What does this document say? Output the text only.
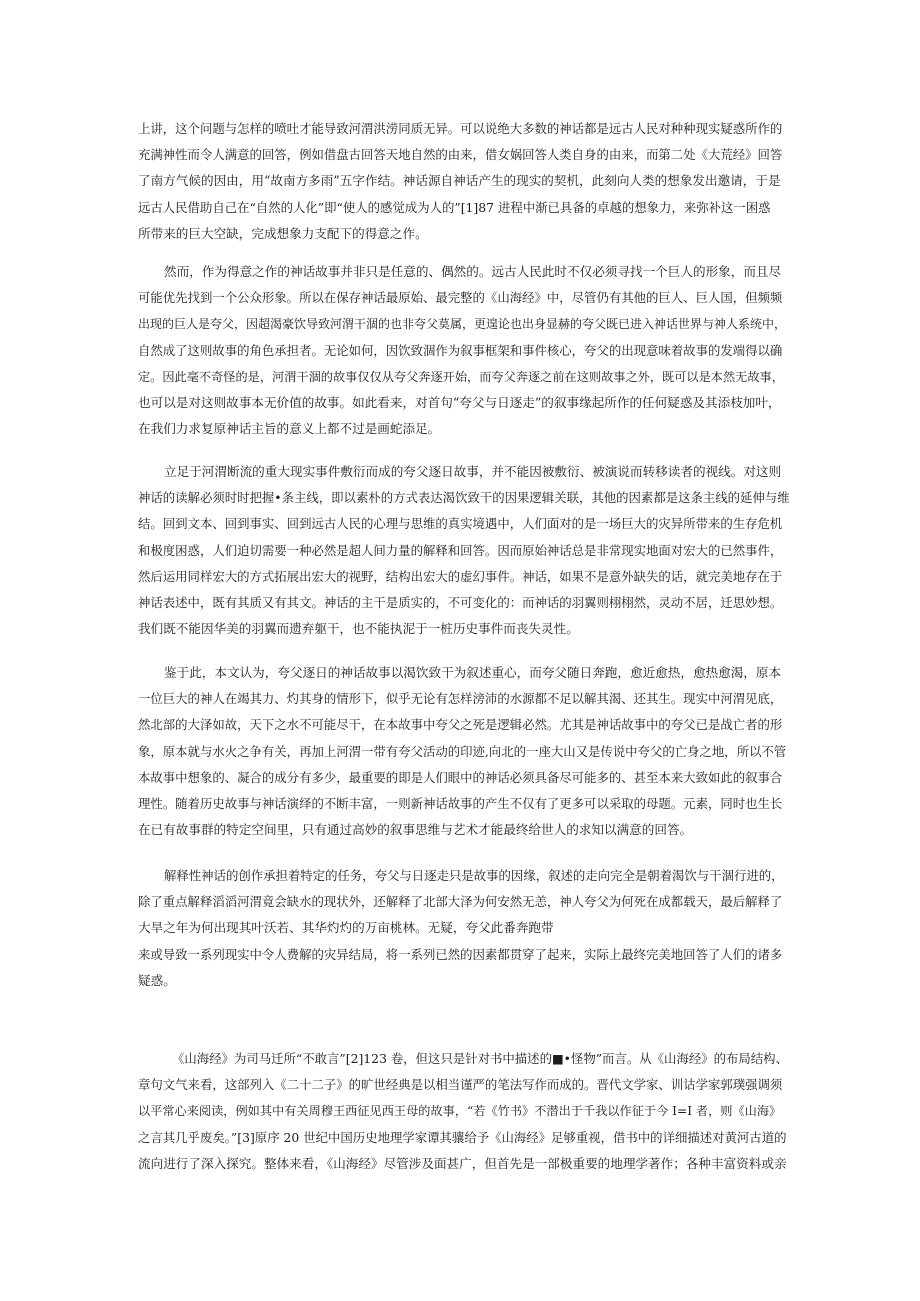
上讲，这个问题与怎样的喷吐才能导致河渭洪涝同质无异。可以说绝大多数的神话都是远古人民对种种现实疑惑所作的
充满神性而令人满意的回答，例如借盘古回答天地自然的由来，借女娲回答人类自身的由来，而第二处《大荒经》回答
了南方气候的因由，用“故南方多雨”五字作结。神话源自神话产生的现实的契机，此刻向人类的想象发出邀请，于是
远古人民借助自己在“自然的人化”即“使人的感觉成为人的”[1]87 进程中渐已具备的卓越的想象力，来弥补这一困惑
所带来的巨大空缺，完成想象力支配下的得意之作。
然而，作为得意之作的神话故事并非只是任意的、偶然的。远古人民此时不仅必须寻找一个巨人的形象，而且尽
可能优先找到一个公众形象。所以在保存神话最原始、最完整的《山海经》中，尽管仍有其他的巨人、巨人国，但频频
出现的巨人是夸父，因超渴豪饮导致河渭干涸的也非夸父莫属，更遑论也出身显赫的夸父既已进入神话世界与神人系统中，
自然成了这则故事的角色承担者。无论如何，因饮致涸作为叙事框架和事件核心，夸父的出现意味着故事的发端得以确
定。因此毫不奇怪的是，河渭干涸的故事仅仅从夸父奔逐开始，而夸父奔逐之前在这则故事之外，既可以是本然无故事，
也可以是对这则故事本无价值的故事。如此看来，对首句“夸父与日逐走”的叙事缘起所作的任何疑惑及其添枝加叶，
在我们力求复原神话主旨的意义上都不过是画蛇添足。
立足于河渭断流的重大现实事件敷衍而成的夸父逐日故事，并不能因被敷衍、被演说而转移读者的视线。对这则
神话的读解必须时时把握•条主线，即以素朴的方式表达渴饮致干的因果逻辑关联，其他的因素都是这条主线的延伸与维
结。回到文本、回到事实、回到远古人民的心理与思维的真实境遇中，人们面对的是一场巨大的灾异所带来的生存危机
和极度困惑，人们迫切需要一种必然是超人间力量的解释和回答。因而原始神话总是非常现实地面对宏大的已然事件，
然后运用同样宏大的方式拓展出宏大的视野，结构出宏大的虚幻事件。神话，如果不是意外缺失的话，就完美地存在于
神话表述中，既有其质又有其文。神话的主干是质实的，不可变化的：而神话的羽翼则栩栩然，灵动不居，迁思妙想。
我们既不能因华美的羽翼而遗弃躯干，也不能执泥于一桩历史事件而丧失灵性。
鉴于此，本文认为，夸父逐日的神话故事以渴饮致干为叙述重心，而夸父随日奔跑，愈近愈热，愈热愈渴，原本
一位巨大的神人在竭其力、灼其身的情形下，似乎无论有怎样滂沛的水源都不足以解其渴、还其生。现实中河渭见底，
然北部的大泽如故，天下之水不可能尽干，在本故事中夸父之死是逻辑必然。尤其是神话故事中的夸父已是战亡者的形
象，原本就与水火之争有关，再加上河渭一带有夸父活动的印迹,向北的一座大山又是传说中夸父的亡身之地，所以不管
本故事中想象的、凝合的成分有多少，最重要的即是人们眼中的神话必须具备尽可能多的、甚至本来大致如此的叙事合
理性。随着历史故事与神话演绎的不断丰富，一则新神话故事的产生不仅有了更多可以采取的母题。元素，同时也生长
在已有故事群的特定空间里，只有通过高妙的叙事思维与艺术才能最终给世人的求知以满意的回答。
解释性神话的创作承担着特定的任务，夸父与日逐走只是故事的因缘，叙述的走向完全是朝着渴饮与干涸行进的，
除了重点解释滔滔河渭竟会缺水的现状外，还解释了北部大泽为何安然无恙，神人夸父为何死在成都载天，最后解释了
大旱之年为何出现其叶沃若、其华灼灼的万亩桃林。无疑，夸父此番奔跑带
来或导致一系列现实中令人费解的灾异结局，将一系列已然的因素都贯穿了起来，实际上最终完美地回答了人们的诸多
疑惑。
《山海经》为司马迁所“不敢言”[2]123 卷，但这只是针对书中描述的■•怪物”而言。从《山海经》的布局结构、
章句文气来看，这部列入《二十二子》的旷世经典是以相当谨严的笔法写作而成的。晋代文学家、训诂学家郭璞强调须
以平常心来阅读，例如其中有关周穆王西征见西王母的故事，“若《竹书》不潜出于千我以作征于今 I=I 者，则《山海》
之言其几乎废矣。”[3]原序 20 世纪中国历史地理学家谭其骧给予《山海经》足够重视，借书中的详细描述对黄河古道的
流向进行了深入探究。整体来看，《山海经》尽管涉及面甚广，但首先是一部极重要的地理学著作；各种丰富资料或亲
